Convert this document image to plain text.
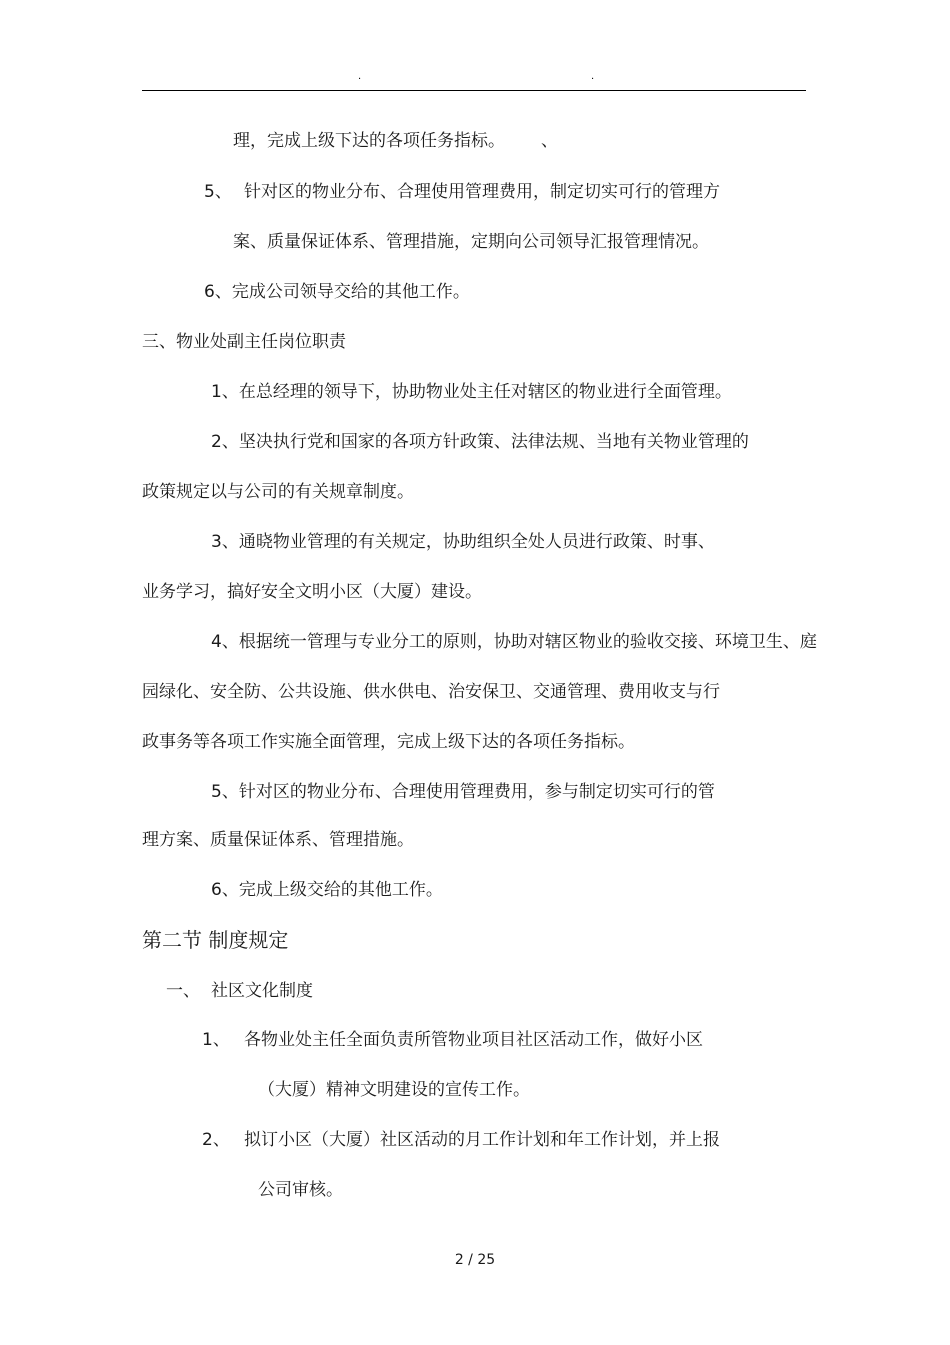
.	.
理，完成上级下达的各项任务指标。 、
5、 针对区的物业分布、合理使用管理费用，制定切实可行的管理方
案、质量保证体系、管理措施，定期向公司领导汇报管理情况。
6、完成公司领导交给的其他工作。
三、物业处副主任岗位职责
1、在总经理的领导下，协助物业处主任对辖区的物业进行全面管理。
2、坚决执行党和国家的各项方针政策、法律法规、当地有关物业管理的
政策规定以与公司的有关规章制度。
3、通晓物业管理的有关规定，协助组织全处人员进行政策、时事、
业务学习，搞好安全文明小区（大厦）建设。
4、根据统一管理与专业分工的原则，协助对辖区物业的验收交接、环境卫生、庭
园绿化、安全防、公共设施、供水供电、治安保卫、交通管理、费用收支与行
政事务等各项工作实施全面管理，完成上级下达的各项任务指标。
5、针对区的物业分布、合理使用管理费用，参与制定切实可行的管
理方案、质量保证体系、管理措施。
6、完成上级交给的其他工作。
第二节 制度规定
一、 社区文化制度
1、 各物业处主任全面负责所管物业项目社区活动工作，做好小区
（大厦）精神文明建设的宣传工作。
2、 拟订小区（大厦）社区活动的月工作计划和年工作计划，并上报
公司审核。
2 / 25
